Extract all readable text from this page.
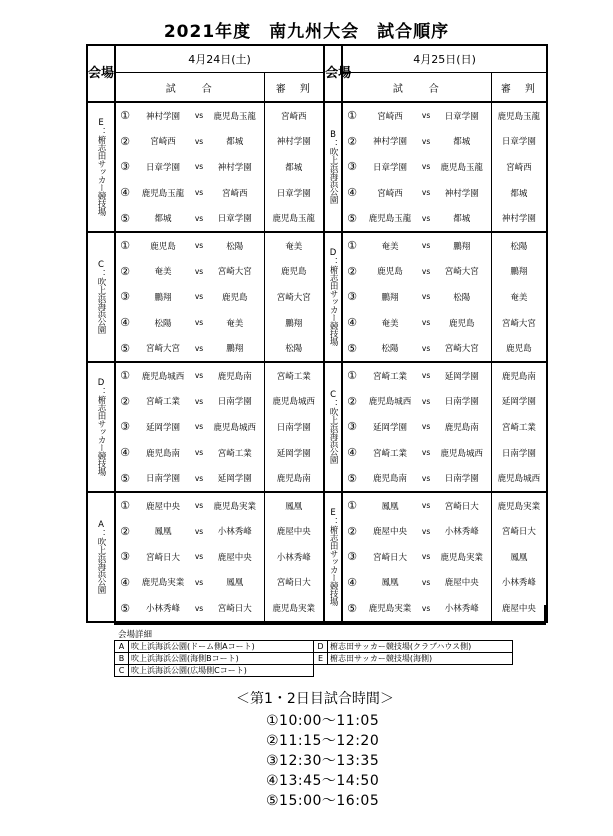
2021年度　南九州大会　試合順序
会場	4月24日(土)					会場	4月25日(日)				
	試　　合				審　判		試　　合				審　判
E：椨志田サッカー競技場	①	神村学園	vs	鹿児島玉龍	宮崎西	B：吹上浜海浜公園	①	宮崎西	vs	日章学園	鹿児島玉龍
	②	宮崎西	vs	都城	神村学園		②	神村学園	vs	都城	日章学園
	③	日章学園	vs	神村学園	都城		③	日章学園	vs	鹿児島玉龍	宮崎西
	④	鹿児島玉龍	vs	宮崎西	日章学園		④	宮崎西	vs	神村学園	都城
	⑤	都城	vs	日章学園	鹿児島玉龍		⑤	鹿児島玉龍	vs	都城	神村学園
C：吹上浜海浜公園	①	鹿児島	vs	松陽	奄美	D：椨志田サッカー競技場	①	奄美	vs	鵬翔	松陽
	②	奄美	vs	宮崎大宮	鹿児島		②	鹿児島	vs	宮崎大宮	鵬翔
	③	鵬翔	vs	鹿児島	宮崎大宮		③	鵬翔	vs	松陽	奄美
	④	松陽	vs	奄美	鵬翔		④	奄美	vs	鹿児島	宮崎大宮
	⑤	宮崎大宮	vs	鵬翔	松陽		⑤	松陽	vs	宮崎大宮	鹿児島
D：椨志田サッカー競技場	①	鹿児島城西	vs	鹿児島南	宮崎工業	C：吹上浜海浜公園	①	宮崎工業	vs	延岡学園	鹿児島南
	②	宮崎工業	vs	日南学園	鹿児島城西		②	鹿児島城西	vs	日南学園	延岡学園
	③	延岡学園	vs	鹿児島城西	日南学園		③	延岡学園	vs	鹿児島南	宮崎工業
	④	鹿児島南	vs	宮崎工業	延岡学園		④	宮崎工業	vs	鹿児島城西	日南学園
	⑤	日南学園	vs	延岡学園	鹿児島南		⑤	鹿児島南	vs	日南学園	鹿児島城西
A：吹上浜海浜公園	①	鹿屋中央	vs	鹿児島実業	鳳凰	E：椨志田サッカー競技場	①	鳳凰	vs	宮崎日大	鹿児島実業
	②	鳳凰	vs	小林秀峰	鹿屋中央		②	鹿屋中央	vs	小林秀峰	宮崎日大
	③	宮崎日大	vs	鹿屋中央	小林秀峰		③	宮崎日大	vs	鹿児島実業	鳳凰
	④	鹿児島実業	vs	鳳凰	宮崎日大		④	鳳凰	vs	鹿屋中央	小林秀峰
	⑤	小林秀峰	vs	宮崎日大	鹿児島実業		⑤	鹿児島実業	vs	小林秀峰	鹿屋中央
会場詳細
A	吹上浜海浜公園(ドーム側Aコート)	D	椨志田サッカー競技場(クラブハウス側)
B	吹上浜海浜公園(海側Bコート)	E	椨志田サッカー競技場(海側)
C	吹上浜海浜公園(広場側Cコート)		
＜第1・2日目試合時間＞
①10:00～11:05
②11:15～12:20
③12:30～13:35
④13:45～14:50
⑤15:00～16:05
